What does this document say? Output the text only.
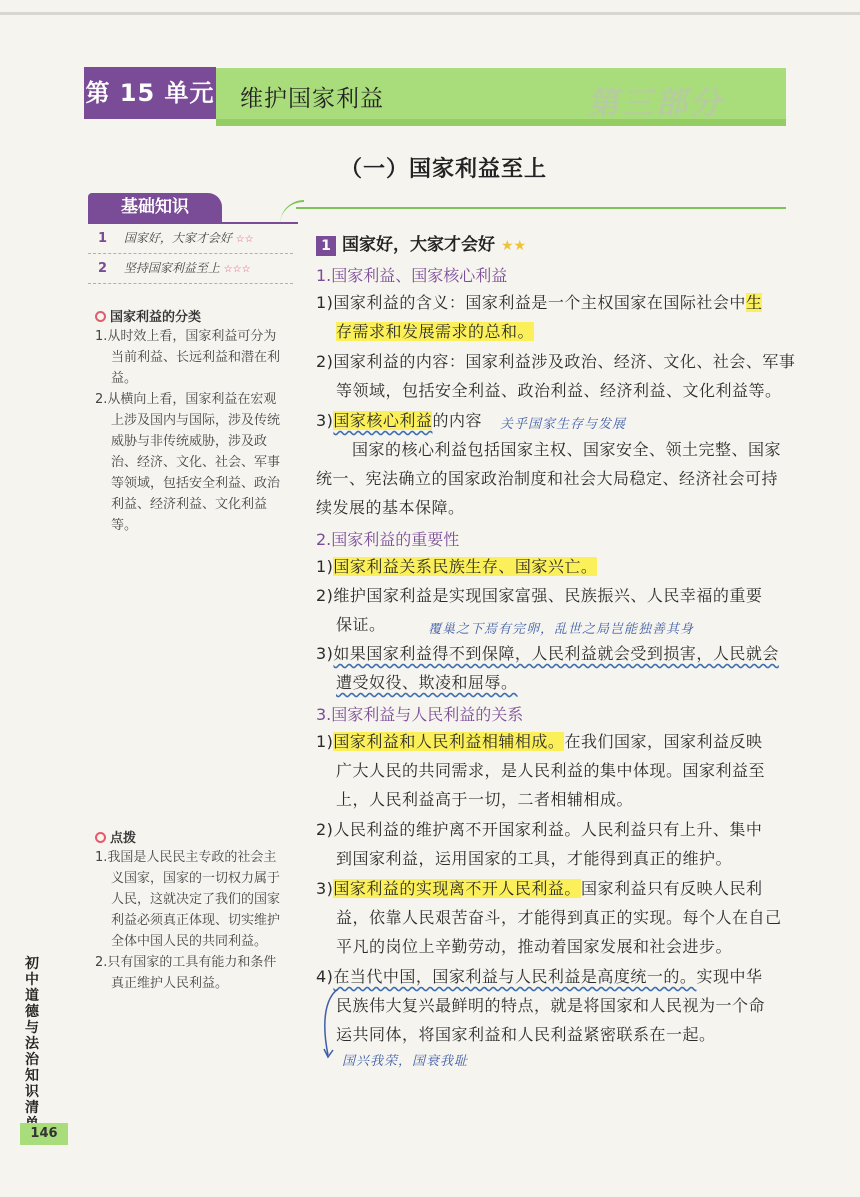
第三部分
第 15 单元 维护国家利益
（一）国家利益至上
基础知识
1 国家好，大家才会好 ☆☆
2 坚持国家利益至上 ☆☆☆
国家利益的分类

1.从时效上看，国家利益可分为当前利益、长远利益和潜在利益。

2.从横向上看，国家利益在宏观上涉及国内与国际，涉及传统威胁与非传统威胁，涉及政治、经济、文化、社会、军事等领域，包括安全利益、政治利益、经济利益、文化利益等。

点拨

1.我国是人民民主专政的社会主义国家，国家的一切权力属于人民，这就决定了我们的国家利益必须真正体现、切实维护全体中国人民的共同利益。

2.只有国家的工具有能力和条件真正维护人民利益。

初中道德与法治知识清
146
1 国家好，大家才会好 ★★
1.国家利益、国家核心利益
1)国家利益的含义：国家利益是一个主权国家在国际社会中生
存需求和发展需求的总和。
2)国家利益的内容：国家利益涉及政治、经济、文化、社会、军事
等领域，包括安全利益、政治利益、经济利益、文化利益等。
3)国家核心利益的内容 关乎国家生存与发展
国家的核心利益包括国家主权、国家安全、领土完整、国家
统一、宪法确立的国家政治制度和社会大局稳定、经济社会可持
续发展的基本保障。
2.国家利益的重要性
1)国家利益关系民族生存、国家兴亡。
2)维护国家利益是实现国家富强、民族振兴、人民幸福的重要
保证。	覆巢之下焉有完卵，乱世之局岂能独善其身
3)如果国家利益得不到保障，人民利益就会受到损害，人民就会
遭受奴役、欺凌和屈辱。
3.国家利益与人民利益的关系
1)国家利益和人民利益相辅相成。在我们国家，国家利益反映
广大人民的共同需求，是人民利益的集中体现。国家利益至
上，人民利益高于一切，二者相辅相成。
2)人民利益的维护离不开国家利益。人民利益只有上升、集中
到国家利益，运用国家的工具，才能得到真正的维护。
3)国家利益的实现离不开人民利益。国家利益只有反映人民利
益，依靠人民艰苦奋斗，才能得到真正的实现。每个人在自己
平凡的岗位上辛勤劳动，推动着国家发展和社会进步。
4)在当代中国，国家利益与人民利益是高度统一的。实现中华
民族伟大复兴最鲜明的特点，就是将国家和人民视为一个命
运共同体，将国家利益和人民利益紧密联系在一起。
国兴我荣，国衰我耻
